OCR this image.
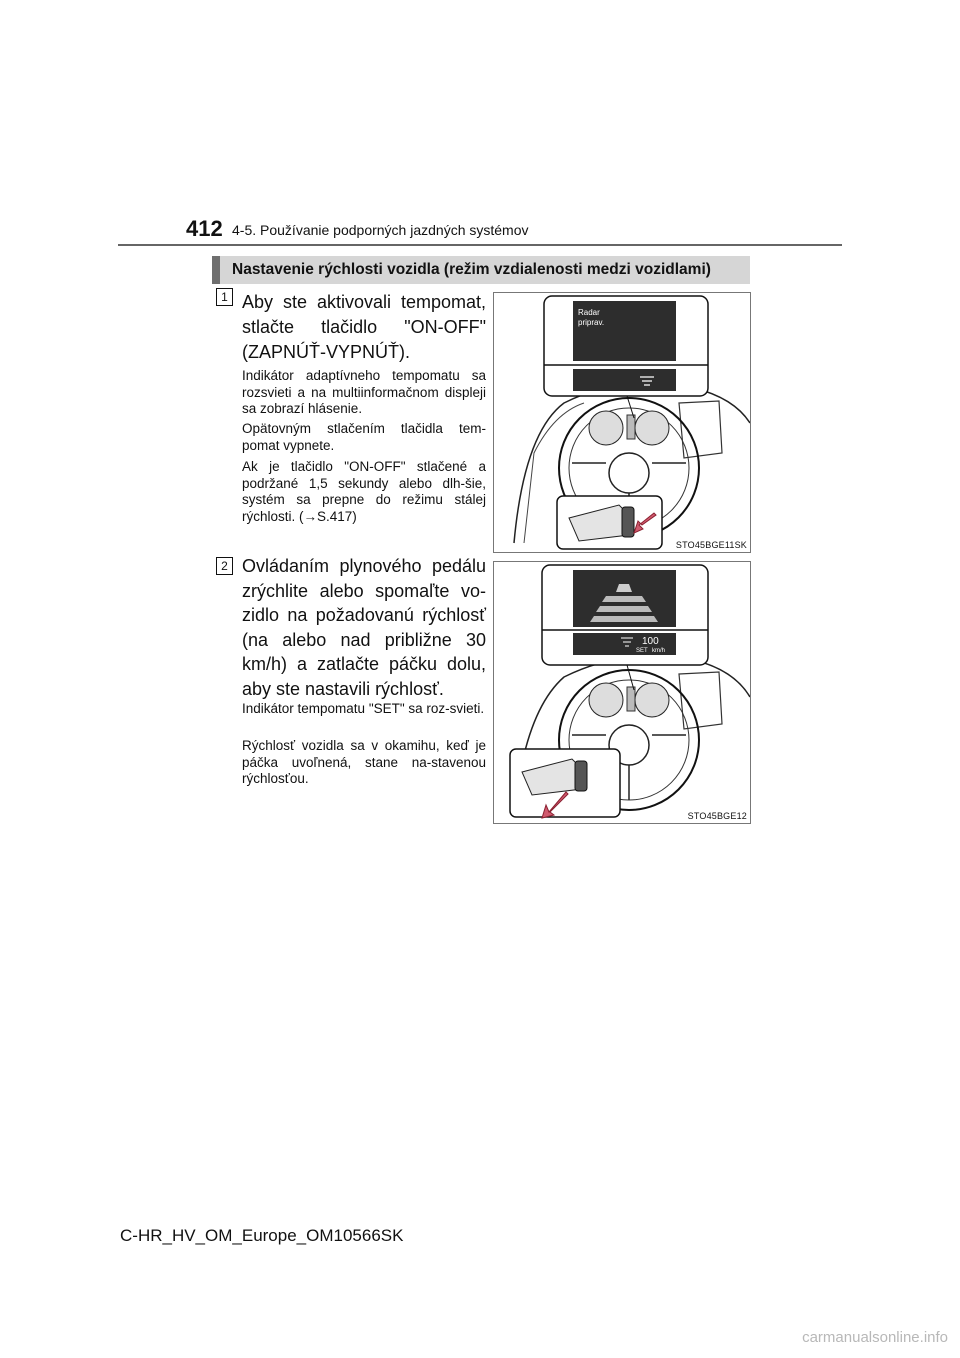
412 4-5. Používanie podporných jazdných systémov
Nastavenie rýchlosti vozidla (režim vzdialenosti medzi vozidlami)
1 Aby ste aktivovali tempomat, stlačte tlačidlo "ON-OFF" (ZAPNÚŤ-VYPNÚŤ).
Indikátor adaptívneho tempomatu sa rozsvieti a na multiinformačnom displeji sa zobrazí hlásenie.
Opätovným stlačením tlačidla tem-pomat vypnete.
Ak je tlačidlo "ON-OFF" stlačené a podržané 1,5 sekundy alebo dlh-šie, systém sa prepne do režimu stálej rýchlosti. (→S.417)
Radar
priprav.
STO45BGE11SK
2 Ovládaním plynového pedálu zrýchlite alebo spomaľte vo-zidlo na požadovanú rýchlosť (na alebo nad približne 30 km/h) a zatlačte páčku dolu, aby ste nastavili rýchlosť.
Indikátor tempomatu "SET" sa roz-svieti.
Rýchlosť vozidla sa v okamihu, keď je páčka uvoľnená, stane na-stavenou rýchlosťou.
100
SET km/h
STO45BGE12
C-HR_HV_OM_Europe_OM10566SK
carmanualsonline.info
